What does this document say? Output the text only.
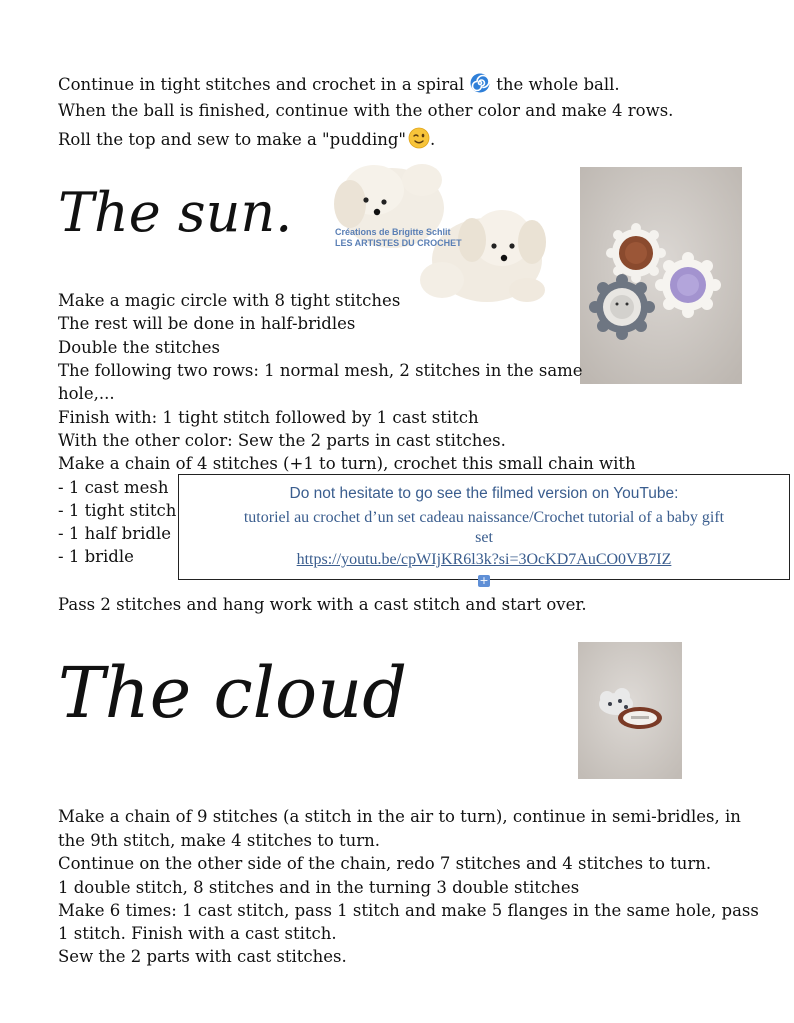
Continue in tight stitches and crochet in a spiral the whole ball.

When the ball is finished, continue with the other color and make 4 rows.

Roll the top and sew to make a "pudding" .

The sun.	Créations de Brigitte Schlit
LES ARTISTES DU CROCHET

Make a magic circle with 8 tight stitches

The rest will be done in half-bridles

Double the stitches

The following two rows: 1 normal mesh, 2 stitches in the same

hole,...

Finish with: 1 tight stitch followed by 1 cast stitch

With the other color: Sew the 2 parts in cast stitches.

Make a chain of 4 stitches (+1 to turn), crochet this small chain with

- 1 cast mesh

- 1 tight stitch

- 1 half bridle

- 1 bridle

Do not hesitate to go see the filmed version on YouTube:
tutoriel au crochet d’un set cadeau naissance/Crochet tutorial of a baby gift
set
https://youtu.be/cpWIjKR6l3k?si=3OcKD7AuCO0VB7IZ
+

Pass 2 stitches and hang work with a cast stitch and start over.

The cloud

Make a chain of 9 stitches (a stitch in the air to turn), continue in semi-bridles, in

the 9th stitch, make 4 stitches to turn.

Continue on the other side of the chain, redo 7 stitches and 4 stitches to turn.

1 double stitch, 8 stitches and in the turning 3 double stitches

Make 6 times: 1 cast stitch, pass 1 stitch and make 5 flanges in the same hole, pass

1 stitch. Finish with a cast stitch.

Sew the 2 parts with cast stitches.
